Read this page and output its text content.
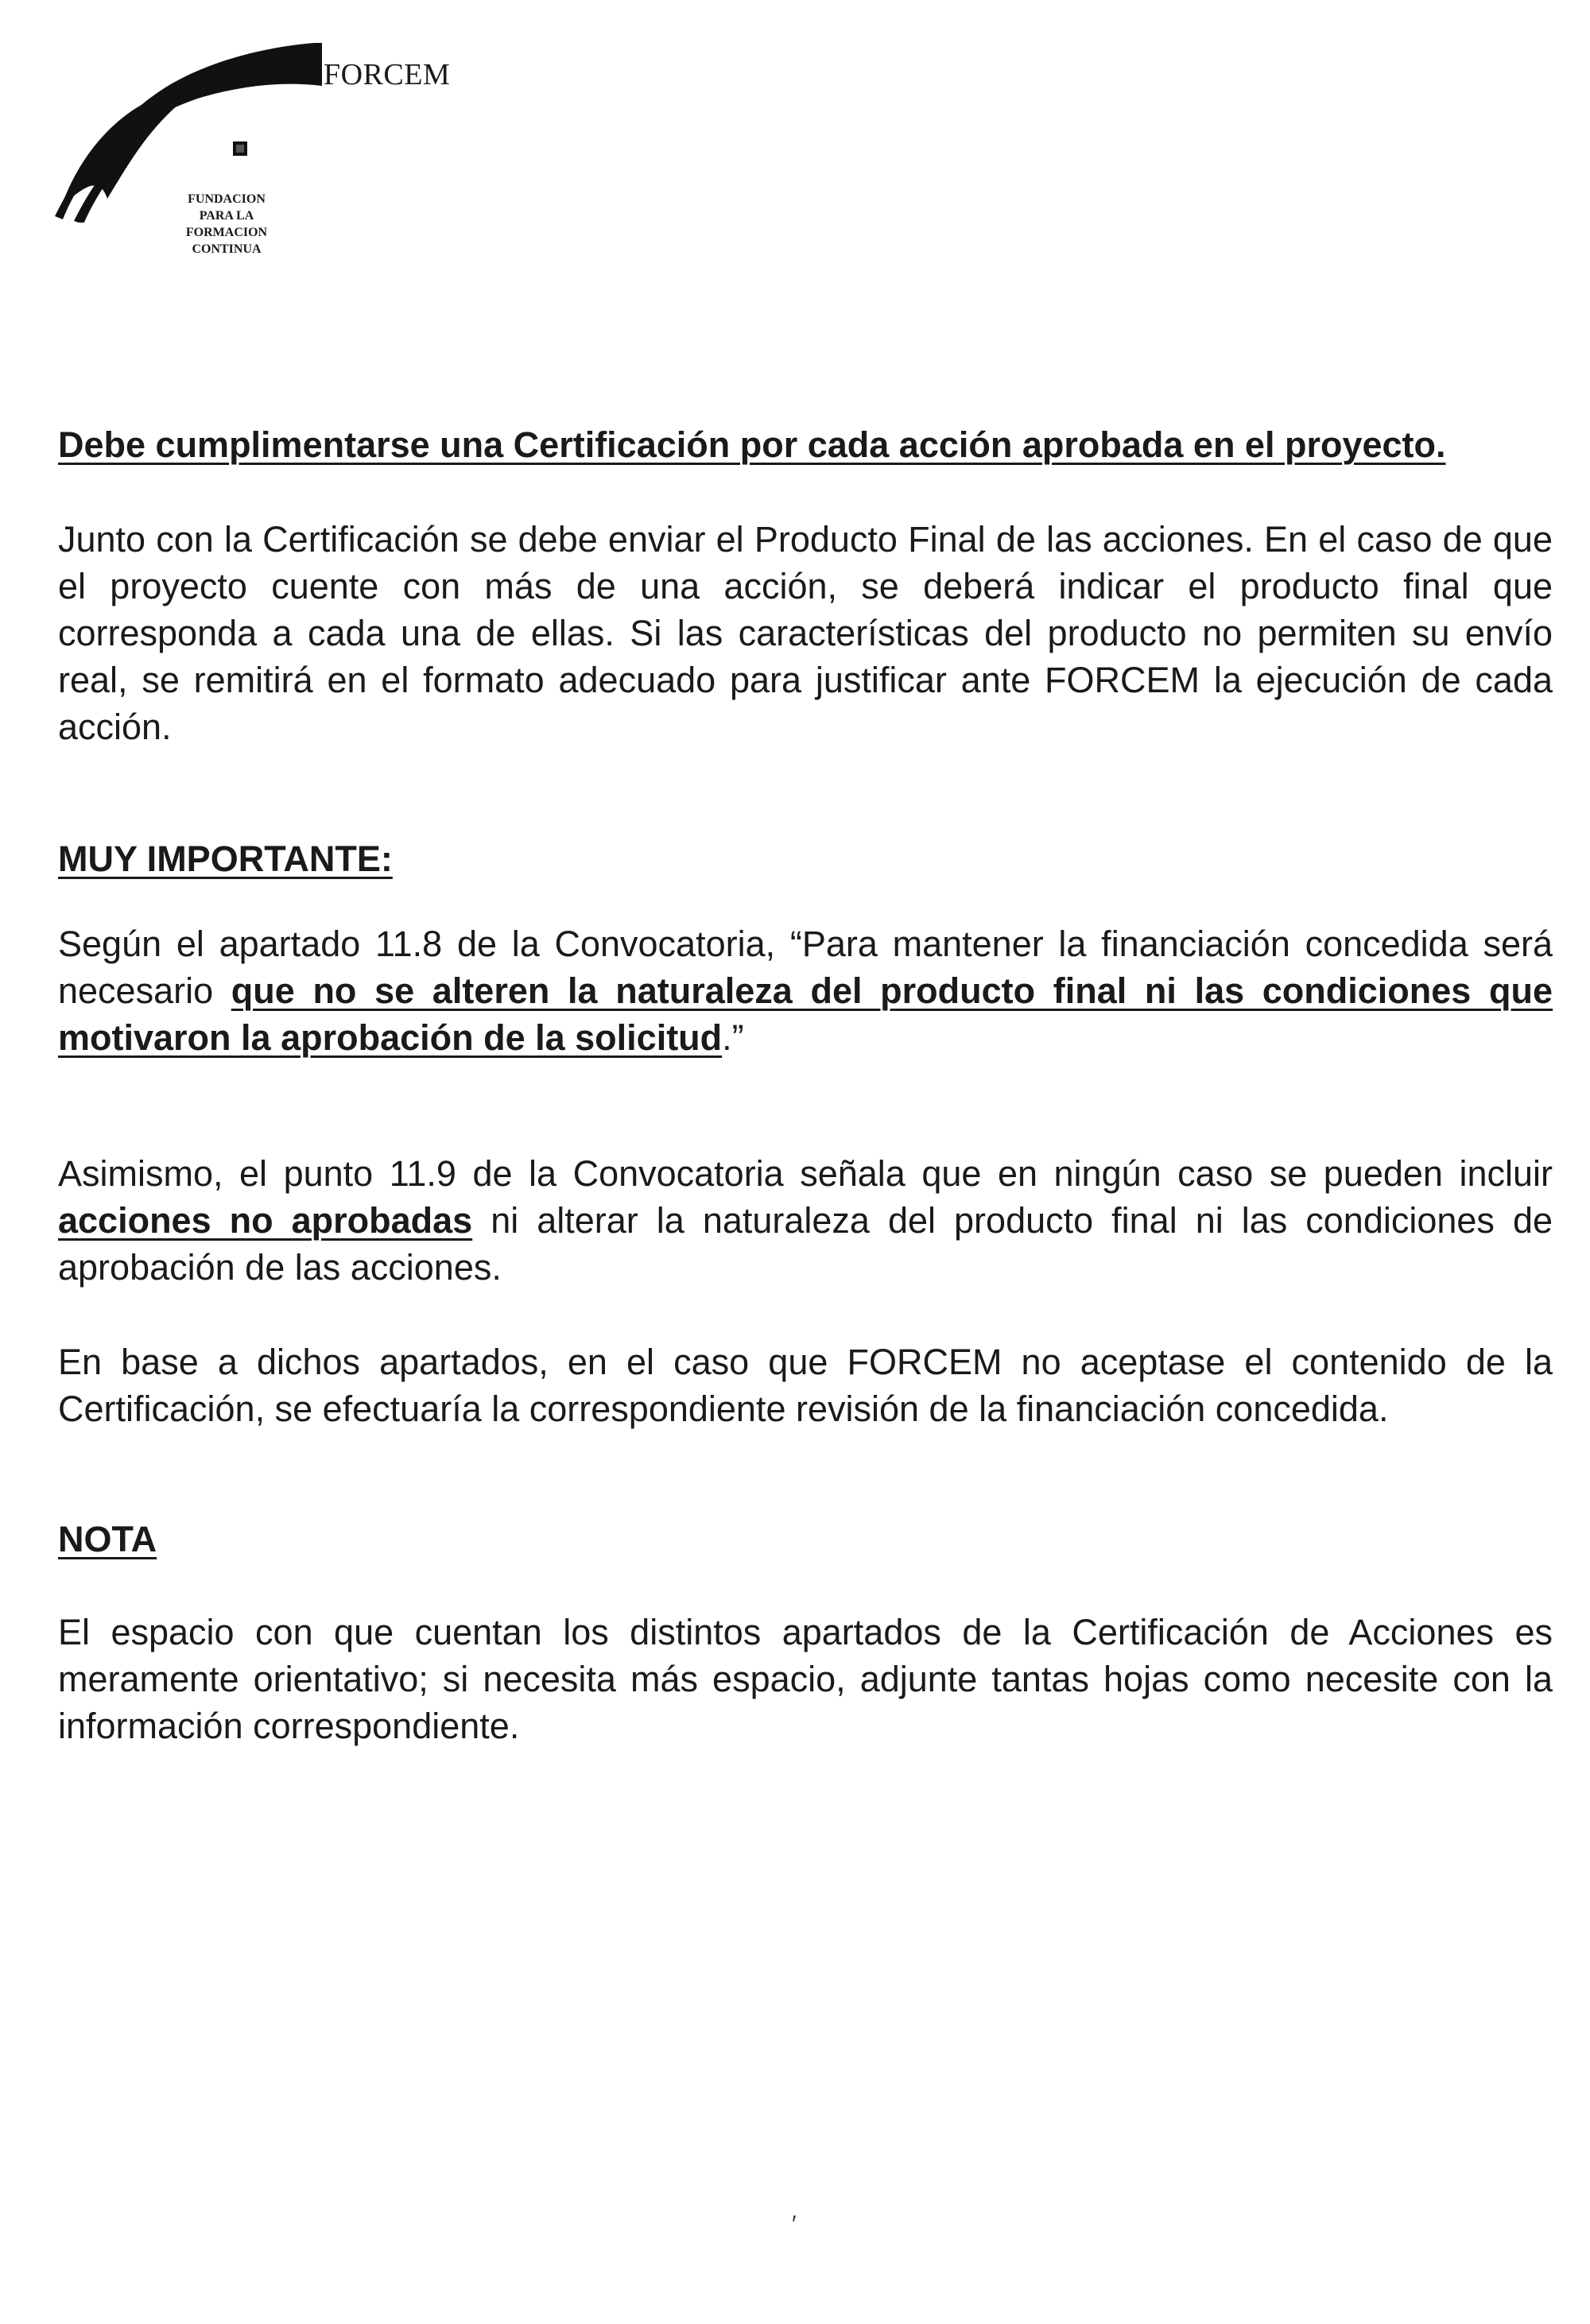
FORCEM
FUNDACION
PARA LA
FORMACION
CONTINUA

Debe cumplimentarse una Certificación por cada acción aprobada en el proyecto.

Junto con la Certificación se debe enviar el Producto Final de las acciones. En el caso de que el proyecto cuente con más de una acción, se deberá indicar el producto final que corresponda a cada una de ellas. Si las características del producto no permiten su envío real, se remitirá en el formato adecuado para justificar ante FORCEM la ejecución de cada acción.

MUY IMPORTANTE:

Según el apartado 11.8 de la Convocatoria, “Para mantener la financiación concedida será necesario que no se alteren la naturaleza del producto final ni las condiciones que motivaron la aprobación de la solicitud.”

Asimismo, el punto 11.9 de la Convocatoria señala que en ningún caso se pueden incluir acciones no aprobadas ni alterar la naturaleza del producto final ni las condiciones de aprobación de las acciones.

En base a dichos apartados, en el caso que FORCEM no aceptase el contenido de la Certificación, se efectuaría la correspondiente revisión de la financiación concedida.

NOTA

El espacio con que cuentan los distintos apartados de la Certificación de Acciones es meramente orientativo; si necesita más espacio, adjunte tantas hojas como necesite con la información correspondiente.

′
